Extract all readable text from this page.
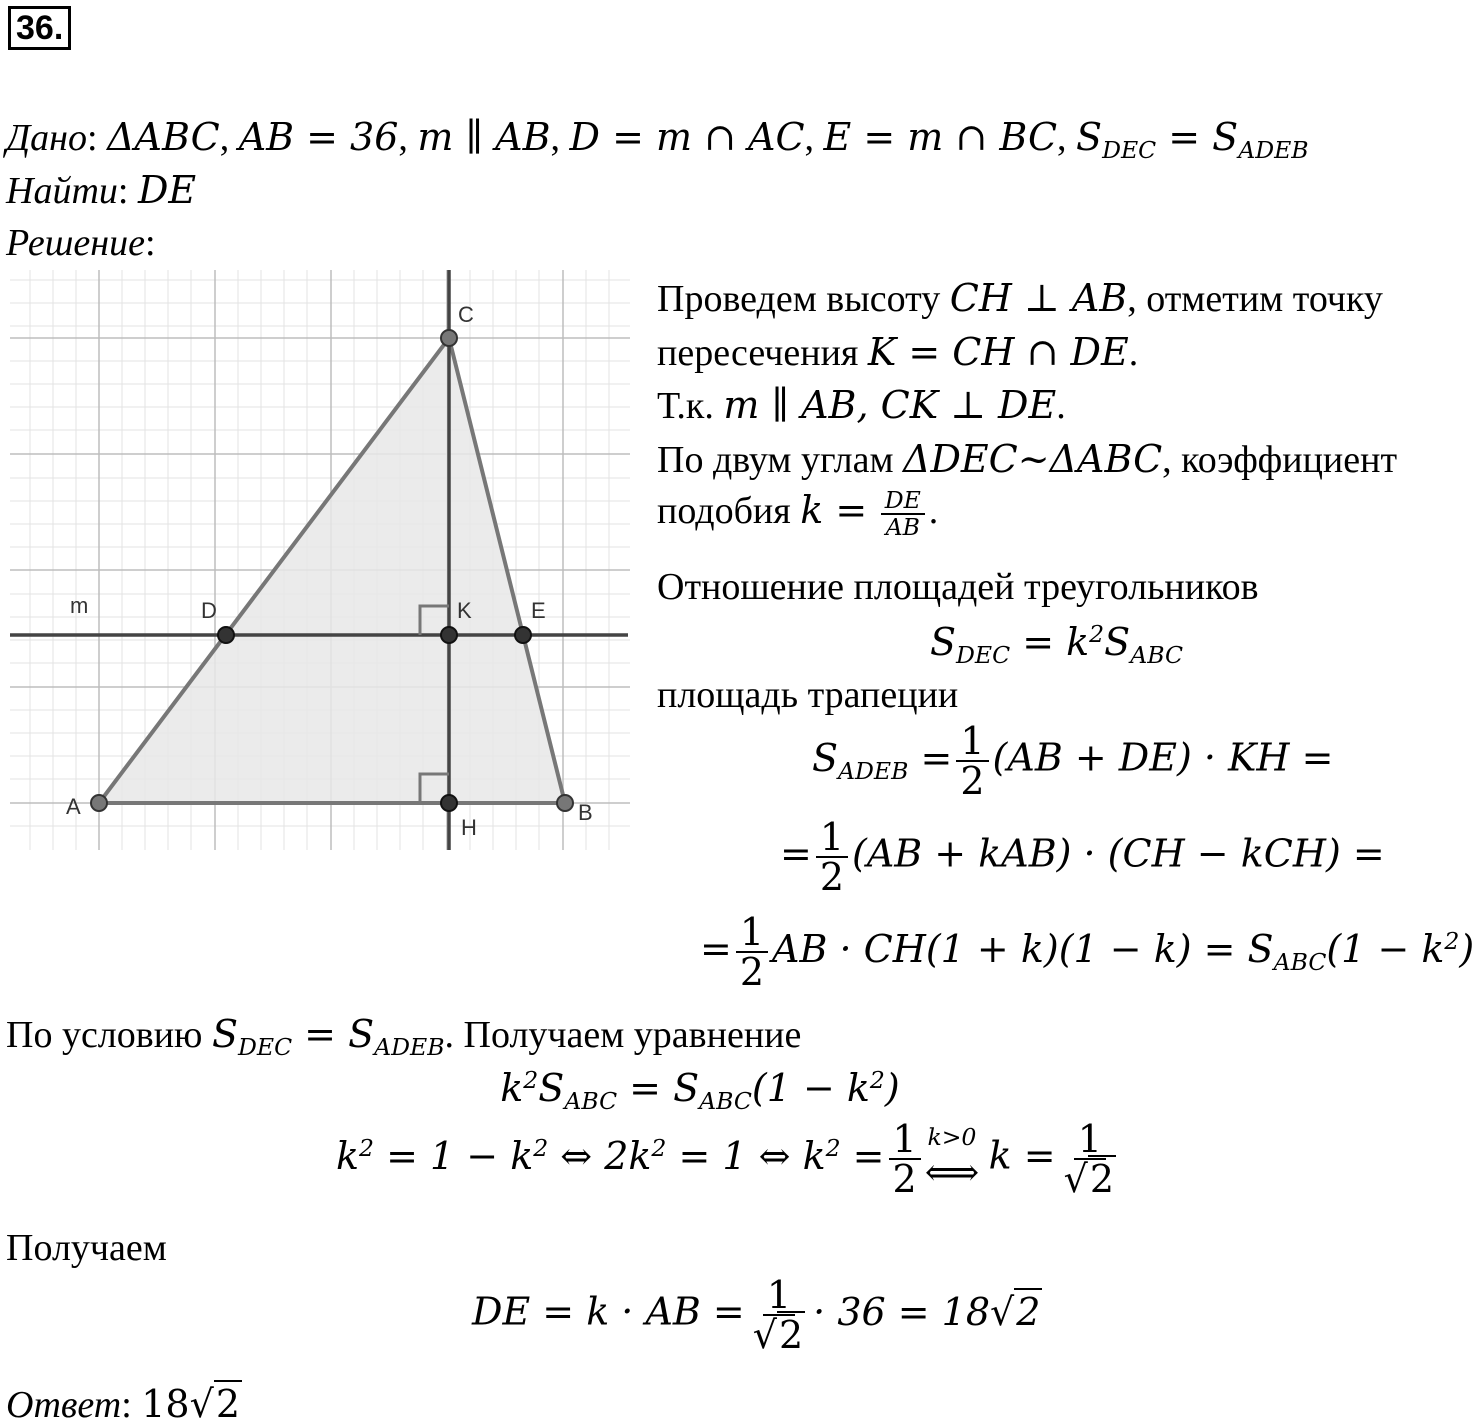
36.
Дано: ΔABC, AB = 36, m ∥ AB, D = m ∩ AC, E = m ∩ BC, $S_{DEC} = S_{ADEB}$
Найти: DE
Решение:
C
m	D	K	E
A
H
B
Проведем высоту CH ⊥ AB, отметим точку
пересечения K = CH ∩ DE.
Т.к. m ∥ AB, CK ⊥ DE.
По двум углам ΔDEC~ΔABC, коэффициент
подобия $k = \frac{DE}{AB}$ .
Отношение площадей треугольников
$S_{DEC} = k^2S_{ABC}$
площадь трапеции
$S_{ADEB} = \frac{1}{2} (AB + DE)$ · KH =
= $\frac{1}{2} (AB + kAB) \cdot (CH - kCH)$ =
= $\frac{1}{2}$ AB · $CH(1 + k)(1 - k) = S_{ABC}(1 - k^2)$
По условию $S_{DEC} = S_{ADEB}$. Получаем уравнение
$k^2S_{ABC} = S_{ABC}(1 - k^2)$
$k^2 = 1 - k^2$ ⇔ $2k^2 = 1$ ⇔ $k^2 = \frac{1}{2} k>0$
⟺ $k = \frac{1}{√2}$
Получаем
DE = k · AB = $\frac{1}{√2} \cdot 36 = 18√2$
Ответ: 18√2
